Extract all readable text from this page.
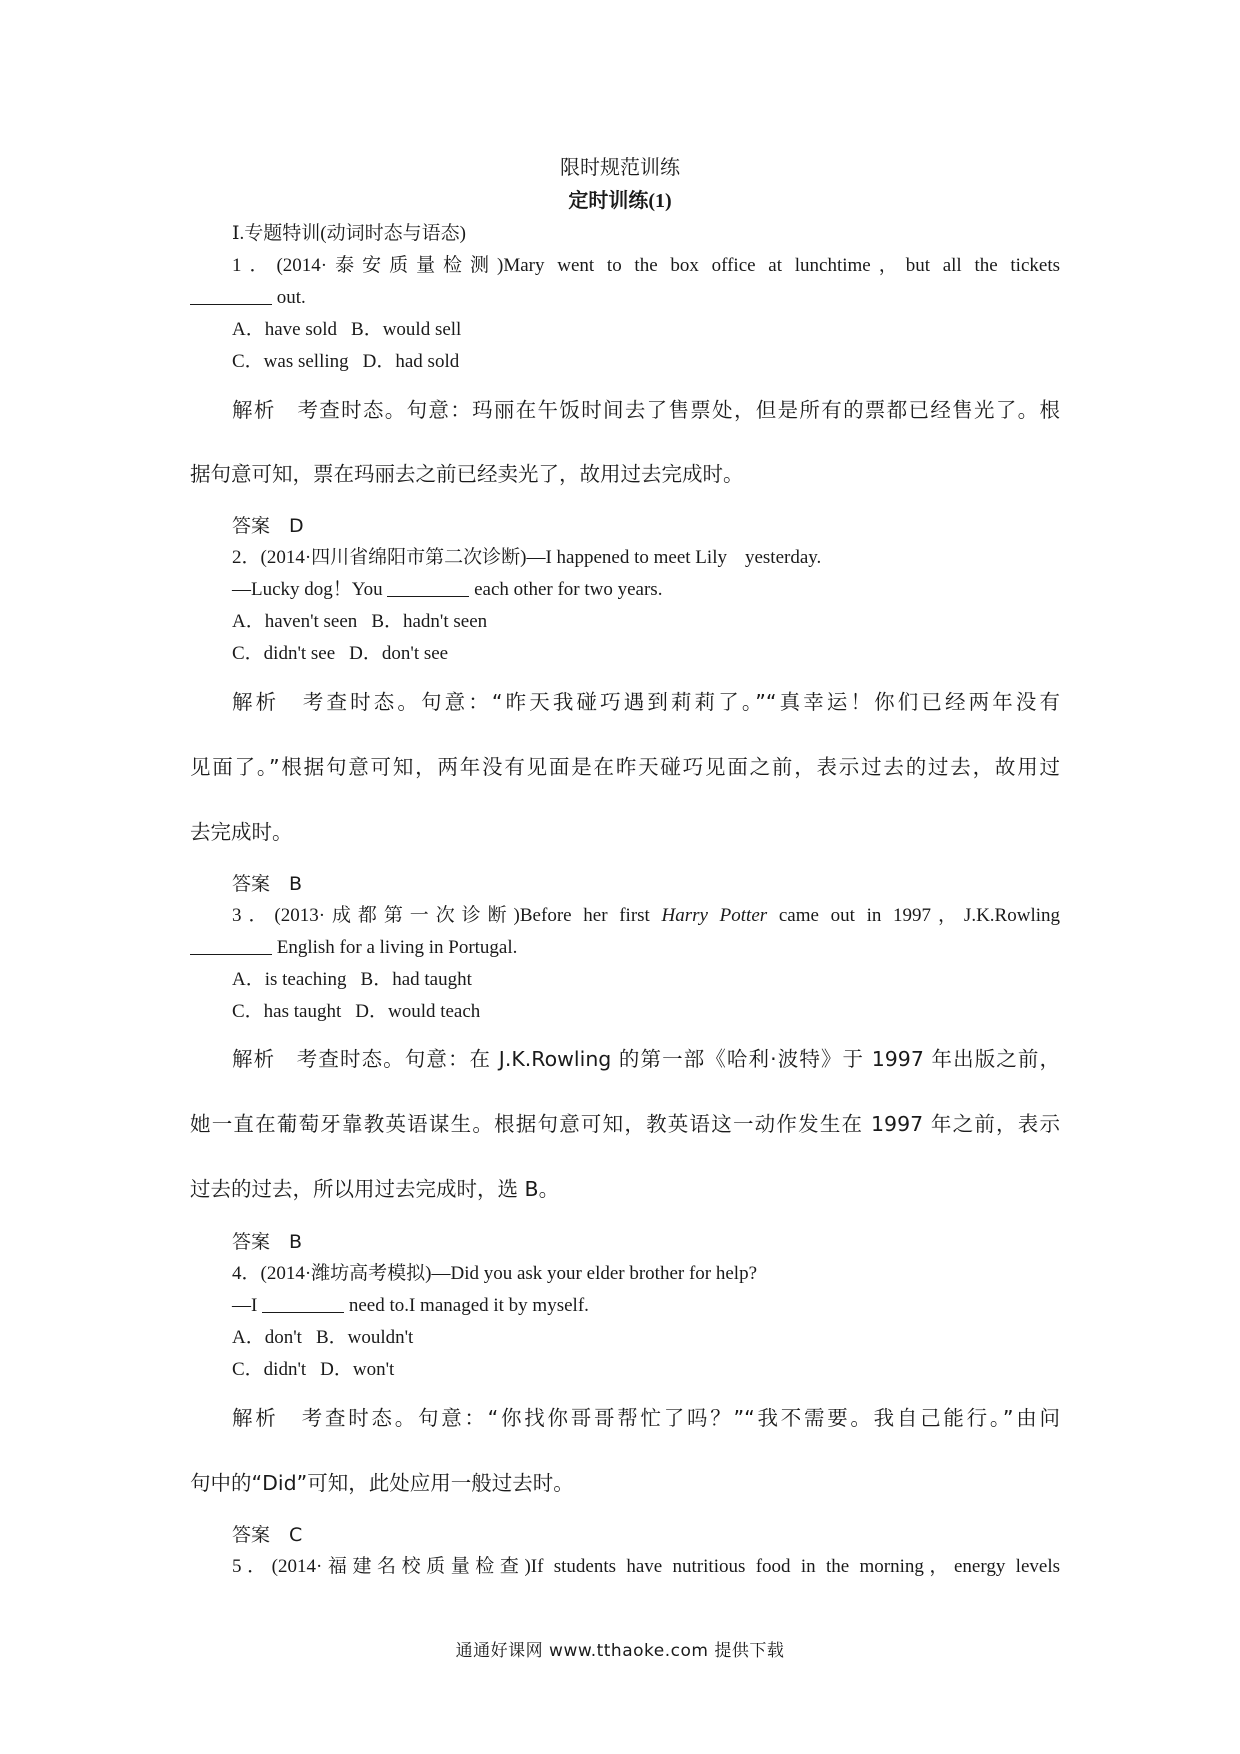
限时规范训练
定时训练(1)
Ⅰ.专题特训(动词时态与语态)
1．(2014·泰安质量检测)Mary went to the box office at lunchtime，but all the tickets
out.
A．have sold B．would sell
C．was selling D．had sold
解析　考查时态。句意：玛丽在午饭时间去了售票处，但是所有的票都已经售光了。根
据句意可知，票在玛丽去之前已经卖光了，故用过去完成时。
答案　D
2．(2014·四川省绵阳市第二次诊断)—I happened to meet Lily yesterday.
—Lucky dog！You	each other for two years.
A．haven't seen B．hadn't seen
C．didn't see D．don't see
解析　考查时态。句意：“昨天我碰巧遇到莉莉了。”“真幸运！你们已经两年没有
见面了。”根据句意可知，两年没有见面是在昨天碰巧见面之前，表示过去的过去，故用过
去完成时。
答案　B
3．(2013·成都第一次诊断)Before her first Harry Potter came out in 1997，J.K.Rowling
English for a living in Portugal.
A．is teaching B．had taught
C．has taught D．would teach
解析　考查时态。句意：在 J.K.Rowling 的第一部《哈利·波特》于 1997 年出版之前，
她一直在葡萄牙靠教英语谋生。根据句意可知，教英语这一动作发生在 1997 年之前，表示
过去的过去，所以用过去完成时，选 B。
答案　B
4．(2014·潍坊高考模拟)—Did you ask your elder brother for help?
—I	need to.I managed it by myself.
A．don't B．wouldn't
C．didn't D．won't
解析　考查时态。句意：“你找你哥哥帮忙了吗？”“我不需要。我自己能行。”由问
句中的“Did”可知，此处应用一般过去时。
答案　C
5．(2014·福建名校质量检查)If students have nutritious food in the morning，energy levels
通通好课网 www.tthaoke.com 提供下载
